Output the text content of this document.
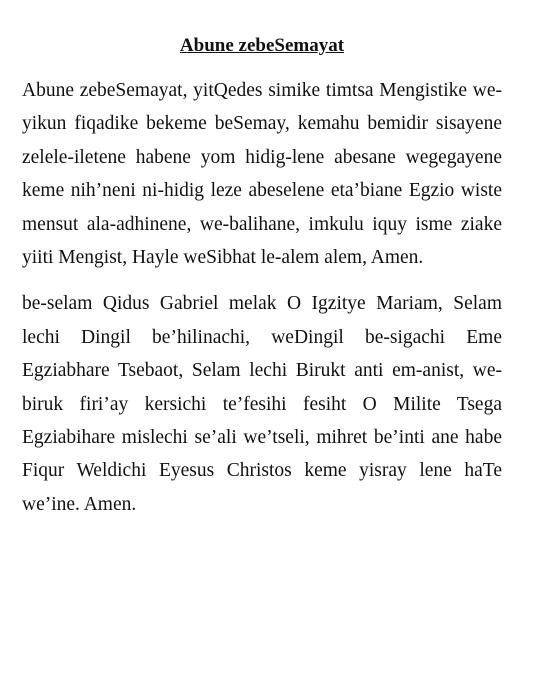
Abune zebeSemayat

Abune zebeSemayat, yitQedes simike timtsa Mengistike we-yikun fiqadike bekeme beSemay, kemahu bemidir sisayene zelele-iletene habene yom hidig-lene abesane wegegayene keme nih’neni ni-hidig leze abeselene eta’biane Egzio wiste mensut ala-adhinene, we-balihane, imkulu iquy isme ziake yiiti Mengist, Hayle weSibhat le-alem alem, Amen.

be-selam Qidus Gabriel melak O Igzitye Mariam, Selam lechi Dingil be’hilinachi, weDingil be-sigachi Eme Egziabhare Tsebaot, Selam lechi Birukt anti em-anist, we-biruk firi’ay kersichi te’fesihi fesiht O Milite Tsega Egziabihare mislechi se’ali we’tseli, mihret be’inti ane habe Fiqur Weldichi Eyesus Christos keme yisray lene haTe we’ine. Amen.
